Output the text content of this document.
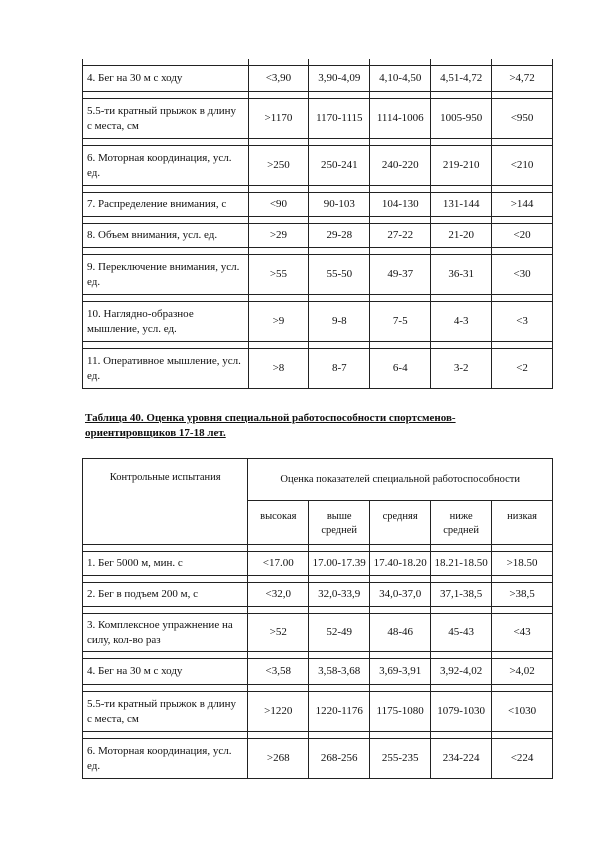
4. Бег на 30 м с ходу	<3,90	3,90-4,09	4,10-4,50	4,51-4,72	>4,72

5.5-ти кратный прыжок в длину с места, см	>1170	1170-1115	1114-1006	1005-950	<950

6. Моторная координация, усл. ед.	>250	250-241	240-220	219-210	<210

7. Распределение внимания, с	<90	90-103	104-130	131-144	>144

8. Объем внимания, усл. ед.	>29	29-28	27-22	21-20	<20

9. Переключение внимания, усл. ед.	>55	55-50	49-37	36-31	<30

10. Наглядно-образное мышление, усл. ед.	>9	9-8	7-5	4-3	<3

11. Оперативное мышление, усл. ед.	>8	8-7	6-4	3-2	<2
Таблица 40. Оценка уровня специальной работоспособности спортсменов-ориентировщиков 17-18 лет.
Контрольные испытания	Оценка показателей специальной работоспособности				
	высокая	выше средней	средняя	ниже средней	низкая

1. Бег 5000 м, мин. с	<17.00	17.00-17.39	17.40-18.20	18.21-18.50	>18.50

2. Бег в подъем 200 м, с	<32,0	32,0-33,9	34,0-37,0	37,1-38,5	>38,5

3. Комплексное упражнение на силу, кол-во раз	>52	52-49	48-46	45-43	<43

4. Бег на 30 м с ходу	<3,58	3,58-3,68	3,69-3,91	3,92-4,02	>4,02

5.5-ти кратный прыжок в длину с места, см	>1220	1220-1176	1175-1080	1079-1030	<1030

6. Моторная координация, усл. ед.	>268	268-256	255-235	234-224	<224
